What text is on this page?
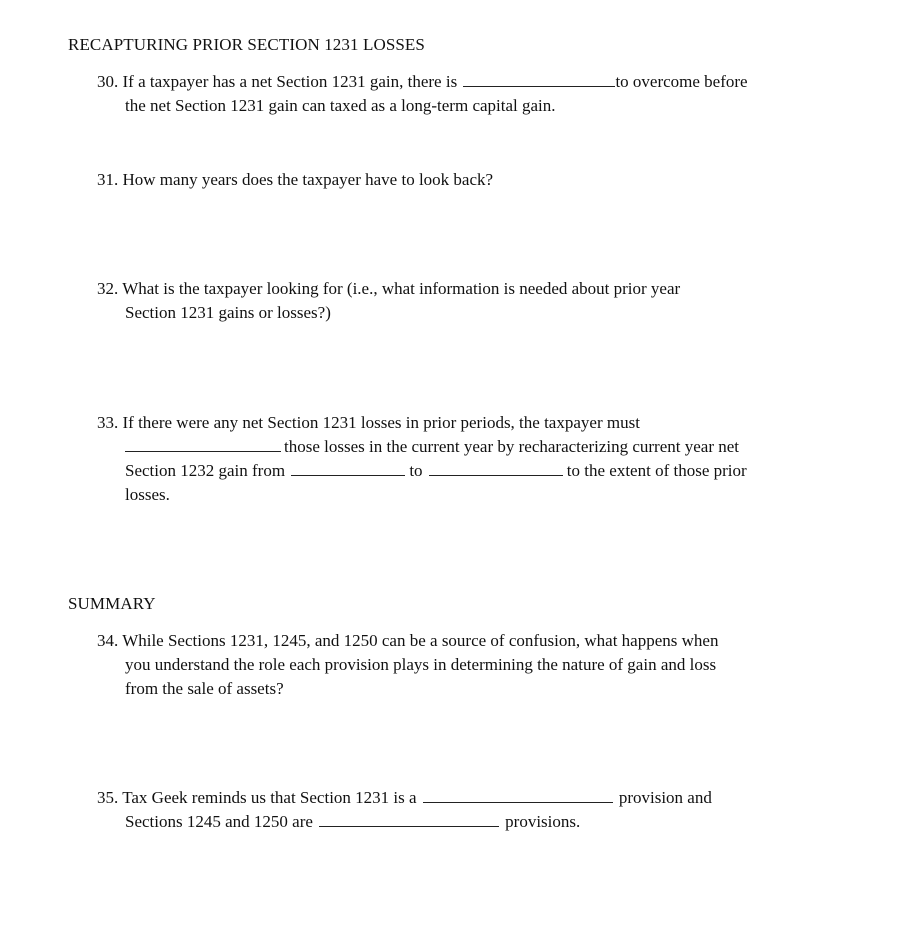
RECAPTURING PRIOR SECTION 1231 LOSSES
30. If a taxpayer has a net Section 1231 gain, there is	to overcome before
the net Section 1231 gain can taxed as a long-term capital gain.
31. How many years does the taxpayer have to look back?
32. What is the taxpayer looking for (i.e., what information is needed about prior year
Section 1231 gains or losses?)
33. If there were any net Section 1231 losses in prior periods, the taxpayer must
those losses in the current year by recharacterizing current year net
Section 1232 gain from	to	to the extent of those prior
losses.
SUMMARY
34. While Sections 1231, 1245, and 1250 can be a source of confusion, what happens when
you understand the role each provision plays in determining the nature of gain and loss
from the sale of assets?
35. Tax Geek reminds us that Section 1231 is a	provision and
Sections 1245 and 1250 are	provisions.
